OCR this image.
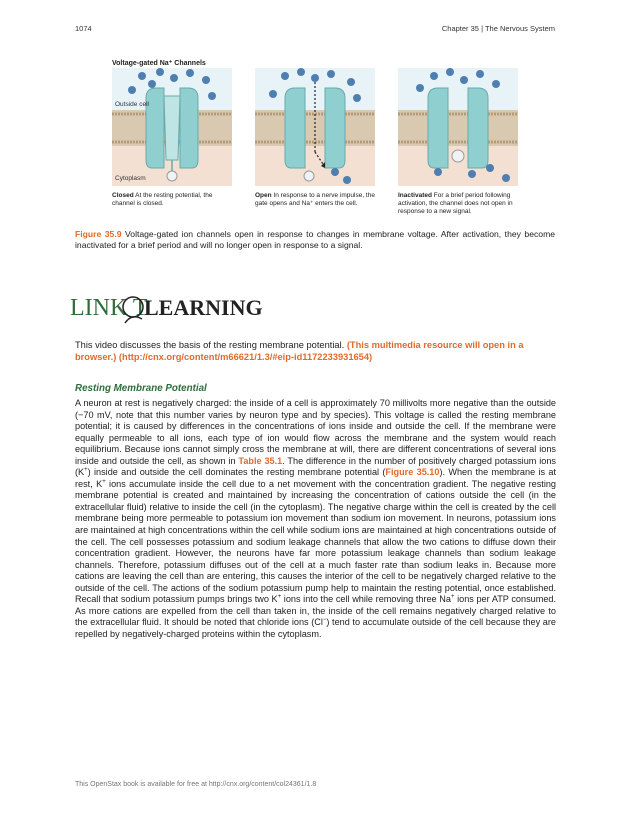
1074	Chapter 35 | The Nervous System
Voltage-gated Na⁺ Channels
Outside cell
Cytoplasm
Closed At the resting potential, the channel is closed.
Open In response to a nerve impulse, the gate opens and Na⁺ enters the cell.
Inactivated For a brief period following activation, the channel does not open in response to a new signal.
Figure 35.9 Voltage-gated ion channels open in response to changes in membrane voltage. After activation, they become inactivated for a brief period and will no longer open in response to a signal.
LINK T
LEARNING
This video discusses the basis of the resting membrane potential. (This multimedia resource will open in a browser.) (http://cnx.org/content/m66621/1.3/#eip-id1172233931654)
Resting Membrane Potential
A neuron at rest is negatively charged: the inside of a cell is approximately 70 millivolts more negative than the outside (−70 mV, note that this number varies by neuron type and by species). This voltage is called the resting membrane potential; it is caused by differences in the concentrations of ions inside and outside the cell. If the membrane were equally permeable to all ions, each type of ion would flow across the membrane and the system would reach equilibrium. Because ions cannot simply cross the membrane at will, there are different concentrations of several ions inside and outside the cell, as shown in Table 35.1. The difference in the number of positively charged potassium ions (K+) inside and outside the cell dominates the resting membrane potential (Figure 35.10). When the membrane is at rest, K+ ions accumulate inside the cell due to a net movement with the concentration gradient. The negative resting membrane potential is created and maintained by increasing the concentration of cations outside the cell (in the extracellular fluid) relative to inside the cell (in the cytoplasm). The negative charge within the cell is created by the cell membrane being more permeable to potassium ion movement than sodium ion movement. In neurons, potassium ions are maintained at high concentrations within the cell while sodium ions are maintained at high concentrations outside of the cell. The cell possesses potassium and sodium leakage channels that allow the two cations to diffuse down their concentration gradient. However, the neurons have far more potassium leakage channels than sodium leakage channels. Therefore, potassium diffuses out of the cell at a much faster rate than sodium leaks in. Because more cations are leaving the cell than are entering, this causes the interior of the cell to be negatively charged relative to the outside of the cell. The actions of the sodium potassium pump help to maintain the resting potential, once established. Recall that sodium potassium pumps brings two K+ ions into the cell while removing three Na+ ions per ATP consumed. As more cations are expelled from the cell than taken in, the inside of the cell remains negatively charged relative to the extracellular fluid. It should be noted that chloride ions (Cl−) tend to accumulate outside of the cell because they are repelled by negatively-charged proteins within the cytoplasm.
This OpenStax book is available for free at http://cnx.org/content/col24361/1.8
